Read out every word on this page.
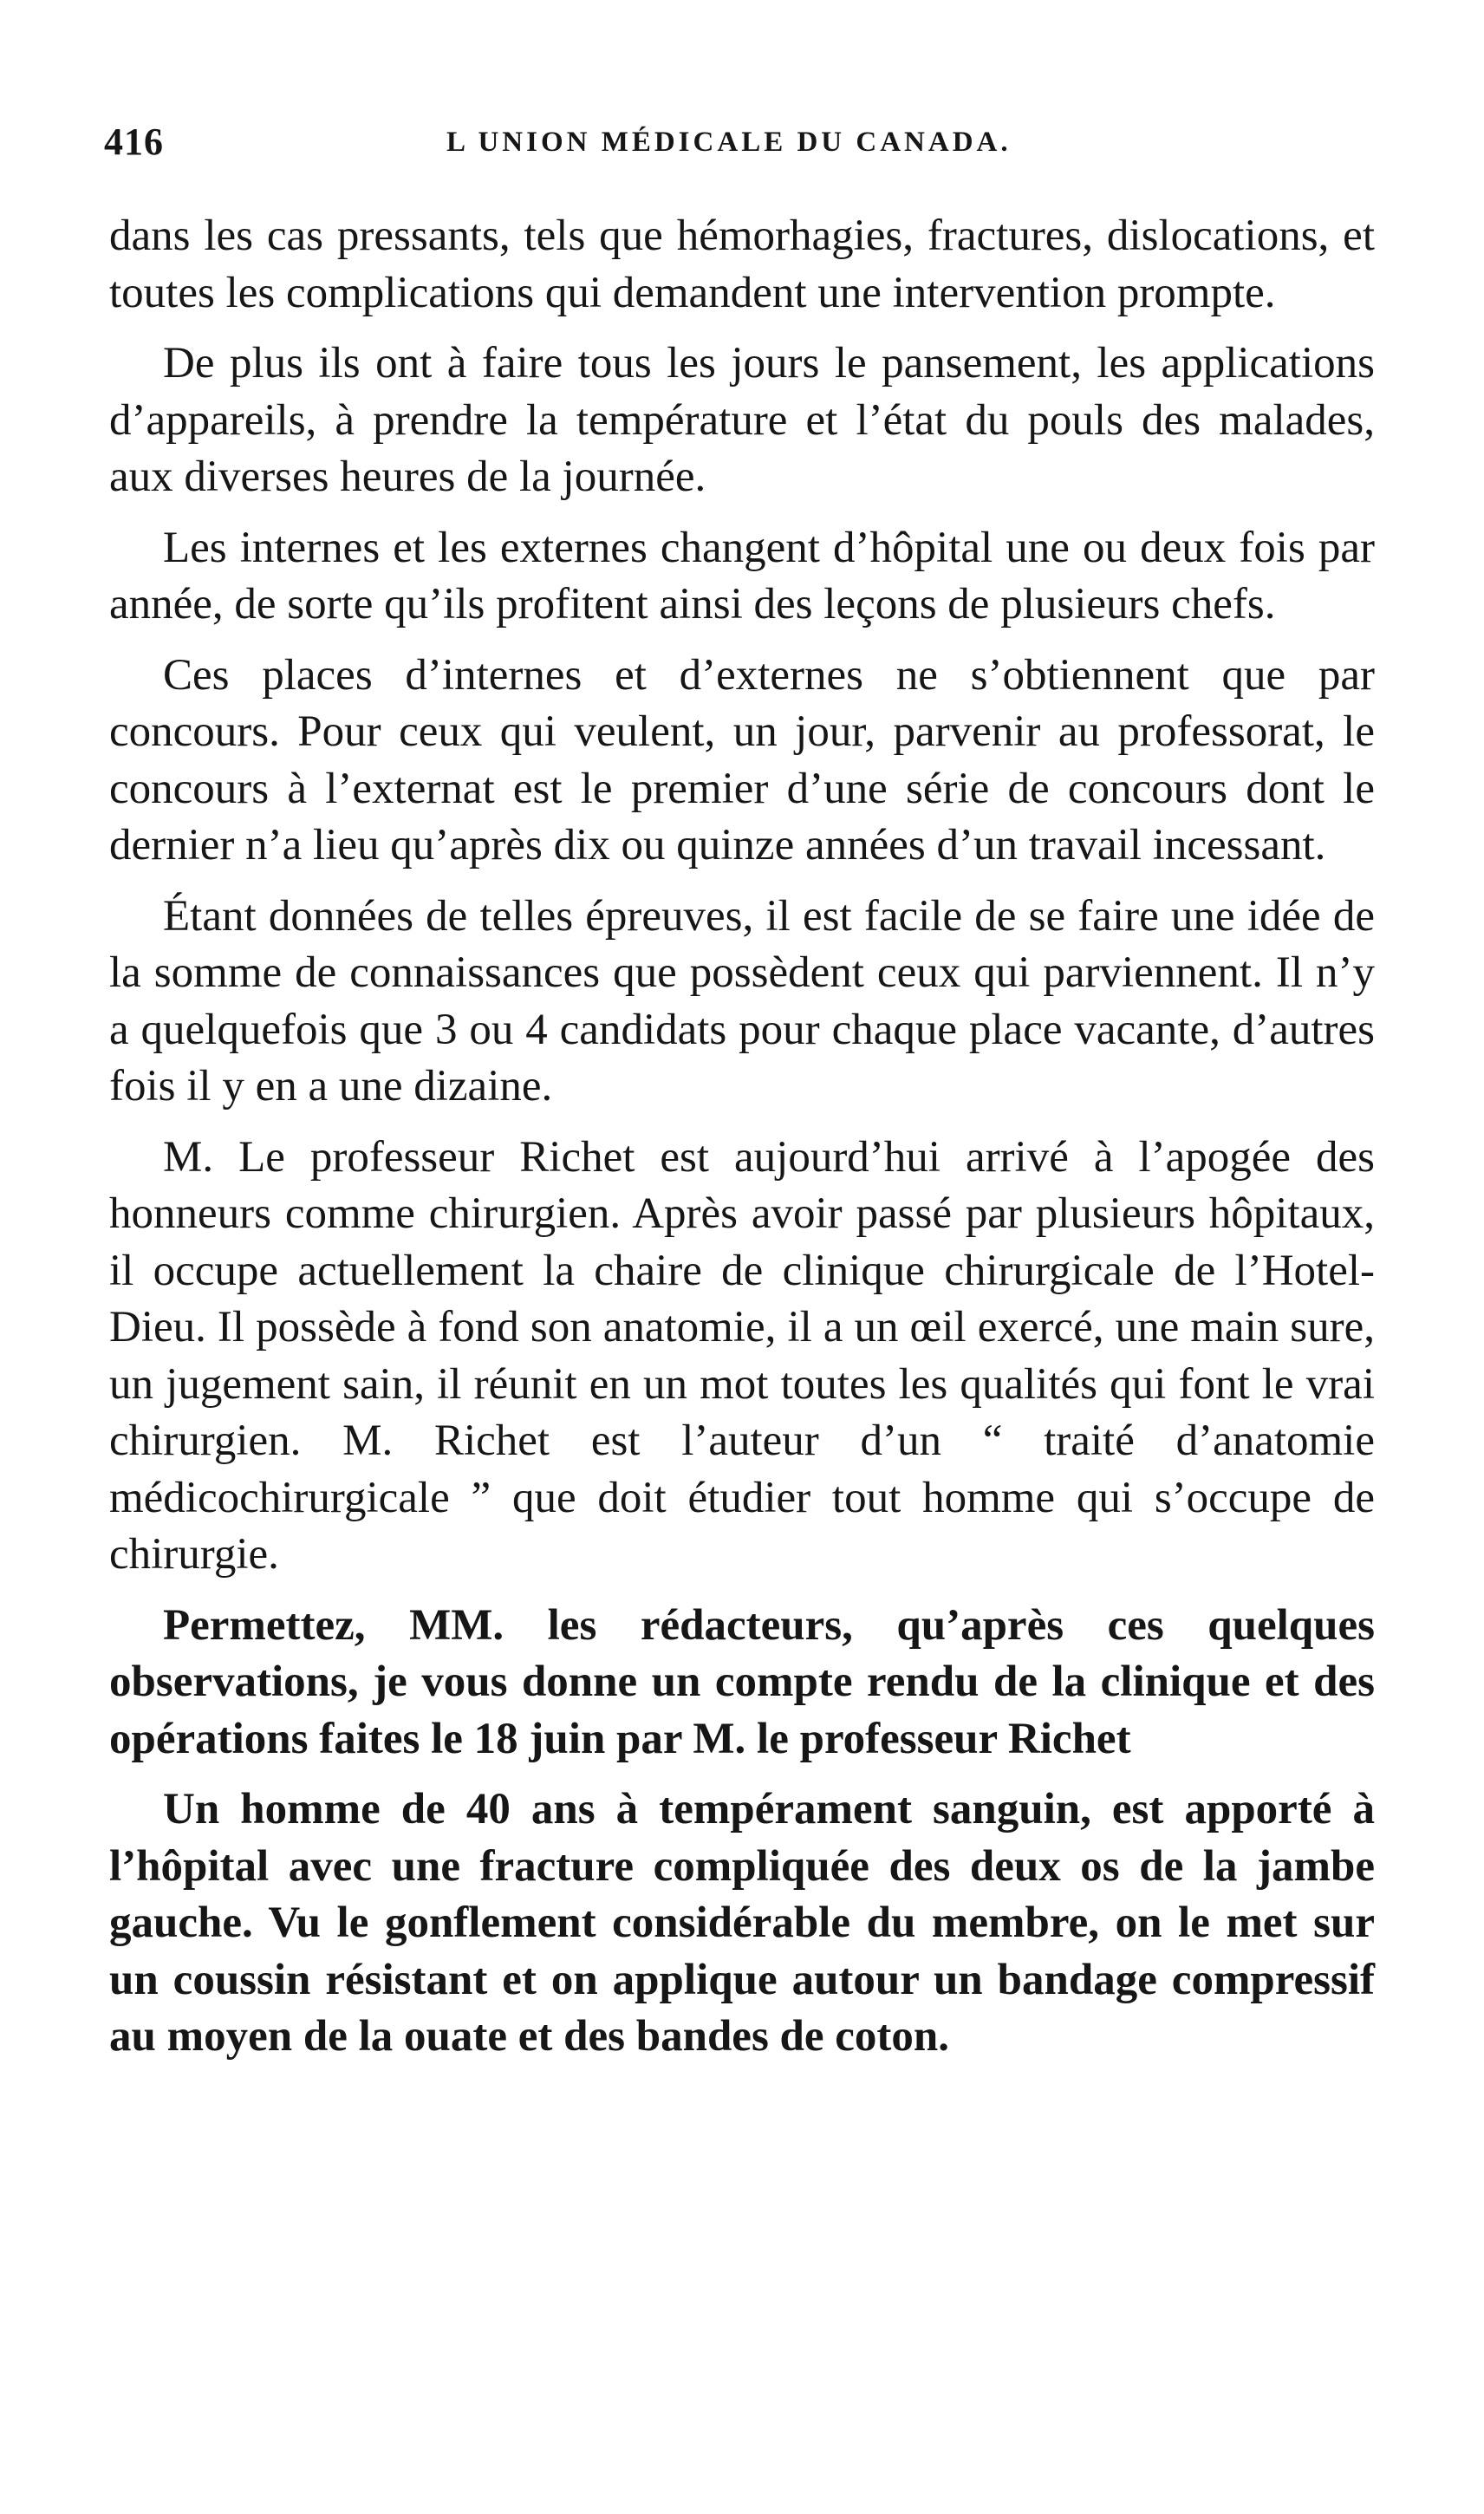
416	L UNION MÉDICALE DU CANADA.

dans les cas pressants, tels que hémorhagies, fractures, dislocations, et toutes les complications qui demandent une intervention prompte.

De plus ils ont à faire tous les jours le pansement, les applications d’appareils, à prendre la température et l’état du pouls des malades, aux diverses heures de la journée.

Les internes et les externes changent d’hôpital une ou deux fois par année, de sorte qu’ils profitent ainsi des leçons de plusieurs chefs.

Ces places d’internes et d’externes ne s’obtiennent que par concours. Pour ceux qui veulent, un jour, parvenir au professorat, le concours à l’externat est le premier d’une série de concours dont le dernier n’a lieu qu’après dix ou quinze années d’un travail incessant.

Étant données de telles épreuves, il est facile de se faire une idée de la somme de connaissances que possèdent ceux qui parviennent. Il n’y a quelquefois que 3 ou 4 candidats pour chaque place vacante, d’autres fois il y en a une dizaine.

M. Le professeur Richet est aujourd’hui arrivé à l’apogée des honneurs comme chirurgien. Après avoir passé par plusieurs hôpitaux, il occupe actuellement la chaire de clinique chirurgicale de l’Hotel-Dieu. Il possède à fond son anatomie, il a un œil exercé, une main sure, un jugement sain, il réunit en un mot toutes les qualités qui font le vrai chirurgien. M. Richet est l’auteur d’un “ traité d’anatomie médicochirurgicale ” que doit étudier tout homme qui s’occupe de chirurgie.

Permettez, MM. les rédacteurs, qu’après ces quelques observations, je vous donne un compte rendu de la clinique et des opérations faites le 18 juin par M. le professeur Richet

Un homme de 40 ans à tempérament sanguin, est apporté à l’hôpital avec une fracture compliquée des deux os de la jambe gauche. Vu le gonflement considérable du membre, on le met sur un coussin résistant et on applique autour un bandage compressif au moyen de la ouate et des bandes de coton.
